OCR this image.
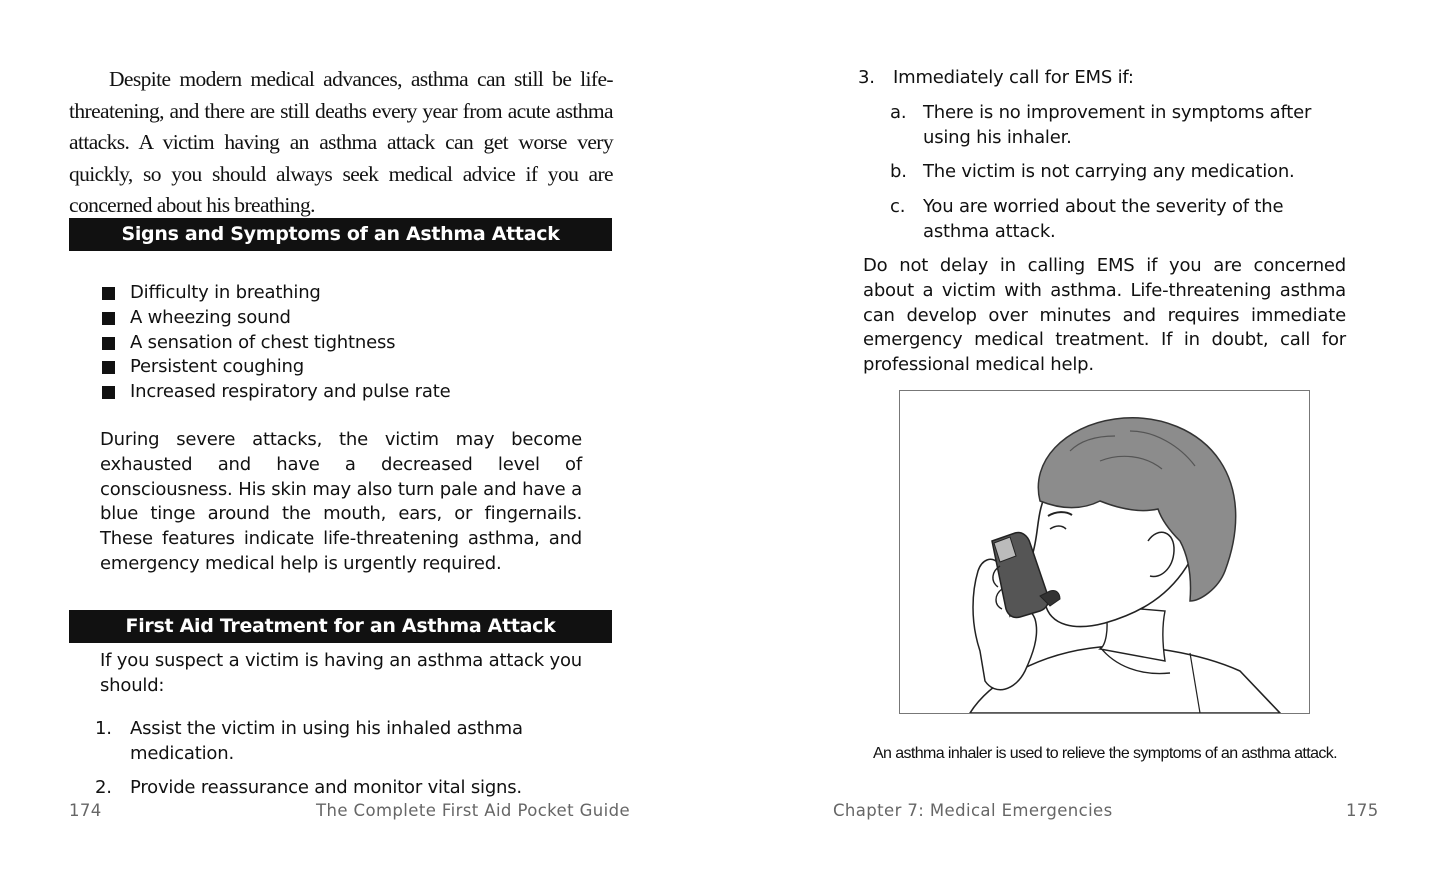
Despite modern medical advances, asthma can still be life-threatening, and there are still deaths every year from acute asthma attacks. A victim having an asthma attack can get worse very quickly, so you should always seek medical advice if you are concerned about his breathing.

Signs and Symptoms of an Asthma Attack
Difficulty in breathing
A wheezing sound
A sensation of chest tightness
Persistent coughing
Increased respiratory and pulse rate

During severe attacks, the victim may become exhausted and have a decreased level of consciousness. His skin may also turn pale and have a blue tinge around the mouth, ears, or fingernails. These features indicate life-threatening asthma, and emergency medical help is urgently required.

First Aid Treatment for an Asthma Attack

If you suspect a victim is having an asthma attack you should:

1. Assist the victim in using his inhaled asthma medication.
2. Provide reassurance and monitor vital signs.
174	The Complete First Aid Pocket Guide
3. Immediately call for EMS if:
a. There is no improvement in symptoms after using his inhaler.
b. The victim is not carrying any medication.
c. You are worried about the severity of the asthma attack.

Do not delay in calling EMS if you are concerned about a victim with asthma. Life-threatening asthma can develop over minutes and requires immediate emergency medical treatment. If in doubt, call for professional medical help.

An asthma inhaler is used to relieve the symptoms of an asthma attack.
Chapter 7: Medical Emergencies	175
